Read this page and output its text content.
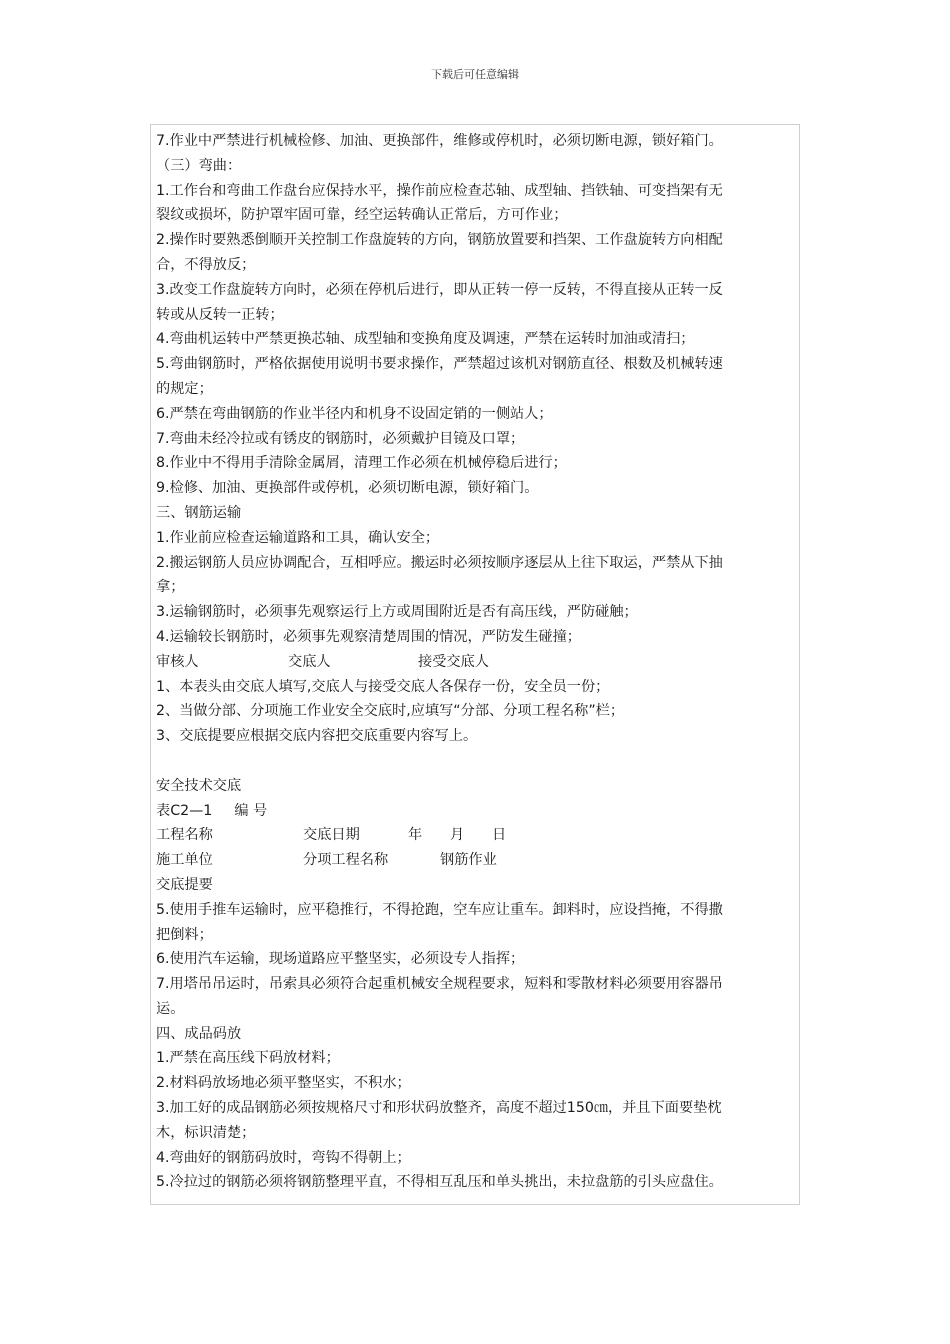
下载后可任意编辑
7.作业中严禁进行机械检修、加油、更换部件，维修或停机时，必须切断电源，锁好箱门。
（三）弯曲：
1.工作台和弯曲工作盘台应保持水平，操作前应检查芯轴、成型轴、挡铁轴、可变挡架有无
裂纹或损坏，防护罩牢固可靠，经空运转确认正常后，方可作业；
2.操作时要熟悉倒顺开关控制工作盘旋转的方向，钢筋放置要和挡架、工作盘旋转方向相配
合，不得放反；
3.改变工作盘旋转方向时，必须在停机后进行，即从正转一停一反转，不得直接从正转一反
转或从反转一正转；
4.弯曲机运转中严禁更换芯轴、成型轴和变换角度及调速，严禁在运转时加油或清扫；
5.弯曲钢筋时，严格依据使用说明书要求操作，严禁超过该机对钢筋直径、根数及机械转速
的规定；
6.严禁在弯曲钢筋的作业半径内和机身不设固定销的一侧站人；
7.弯曲未经冷拉或有锈皮的钢筋时，必须戴护目镜及口罩；
8.作业中不得用手清除金属屑，清理工作必须在机械停稳后进行；
9.检修、加油、更换部件或停机，必须切断电源，锁好箱门。
三、钢筋运输
1.作业前应检查运输道路和工具，确认安全；
2.搬运钢筋人员应协调配合，互相呼应。搬运时必须按顺序逐层从上往下取运，严禁从下抽
拿；
3.运输钢筋时，必须事先观察运行上方或周围附近是否有高压线，严防碰触；
4.运输较长钢筋时，必须事先观察清楚周围的情况，严防发生碰撞；
审核人	交底人	接受交底人
1、本表头由交底人填写,交底人与接受交底人各保存一份，安全员一份；
2、当做分部、分项施工作业安全交底时,应填写“分部、分项工程名称”栏；
3、交底提要应根据交底内容把交底重要内容写上。
安全技术交底
表C2—1 编 号
工程名称	交底日期	年 月 日
施工单位	分项工程名称	钢筋作业
交底提要
5.使用手推车运输时，应平稳推行，不得抢跑，空车应让重车。卸料时，应设挡掩，不得撒
把倒料；
6.使用汽车运输，现场道路应平整坚实，必须设专人指挥；
7.用塔吊吊运时，吊索具必须符合起重机械安全规程要求，短料和零散材料必须要用容器吊
运。
四、成品码放
1.严禁在高压线下码放材料；
2.材料码放场地必须平整坚实，不积水；
3.加工好的成品钢筋必须按规格尺寸和形状码放整齐，高度不超过150㎝，并且下面要垫枕
木，标识清楚；
4.弯曲好的钢筋码放时，弯钩不得朝上；
5.冷拉过的钢筋必须将钢筋整理平直，不得相互乱压和单头挑出，未拉盘筋的引头应盘住。
